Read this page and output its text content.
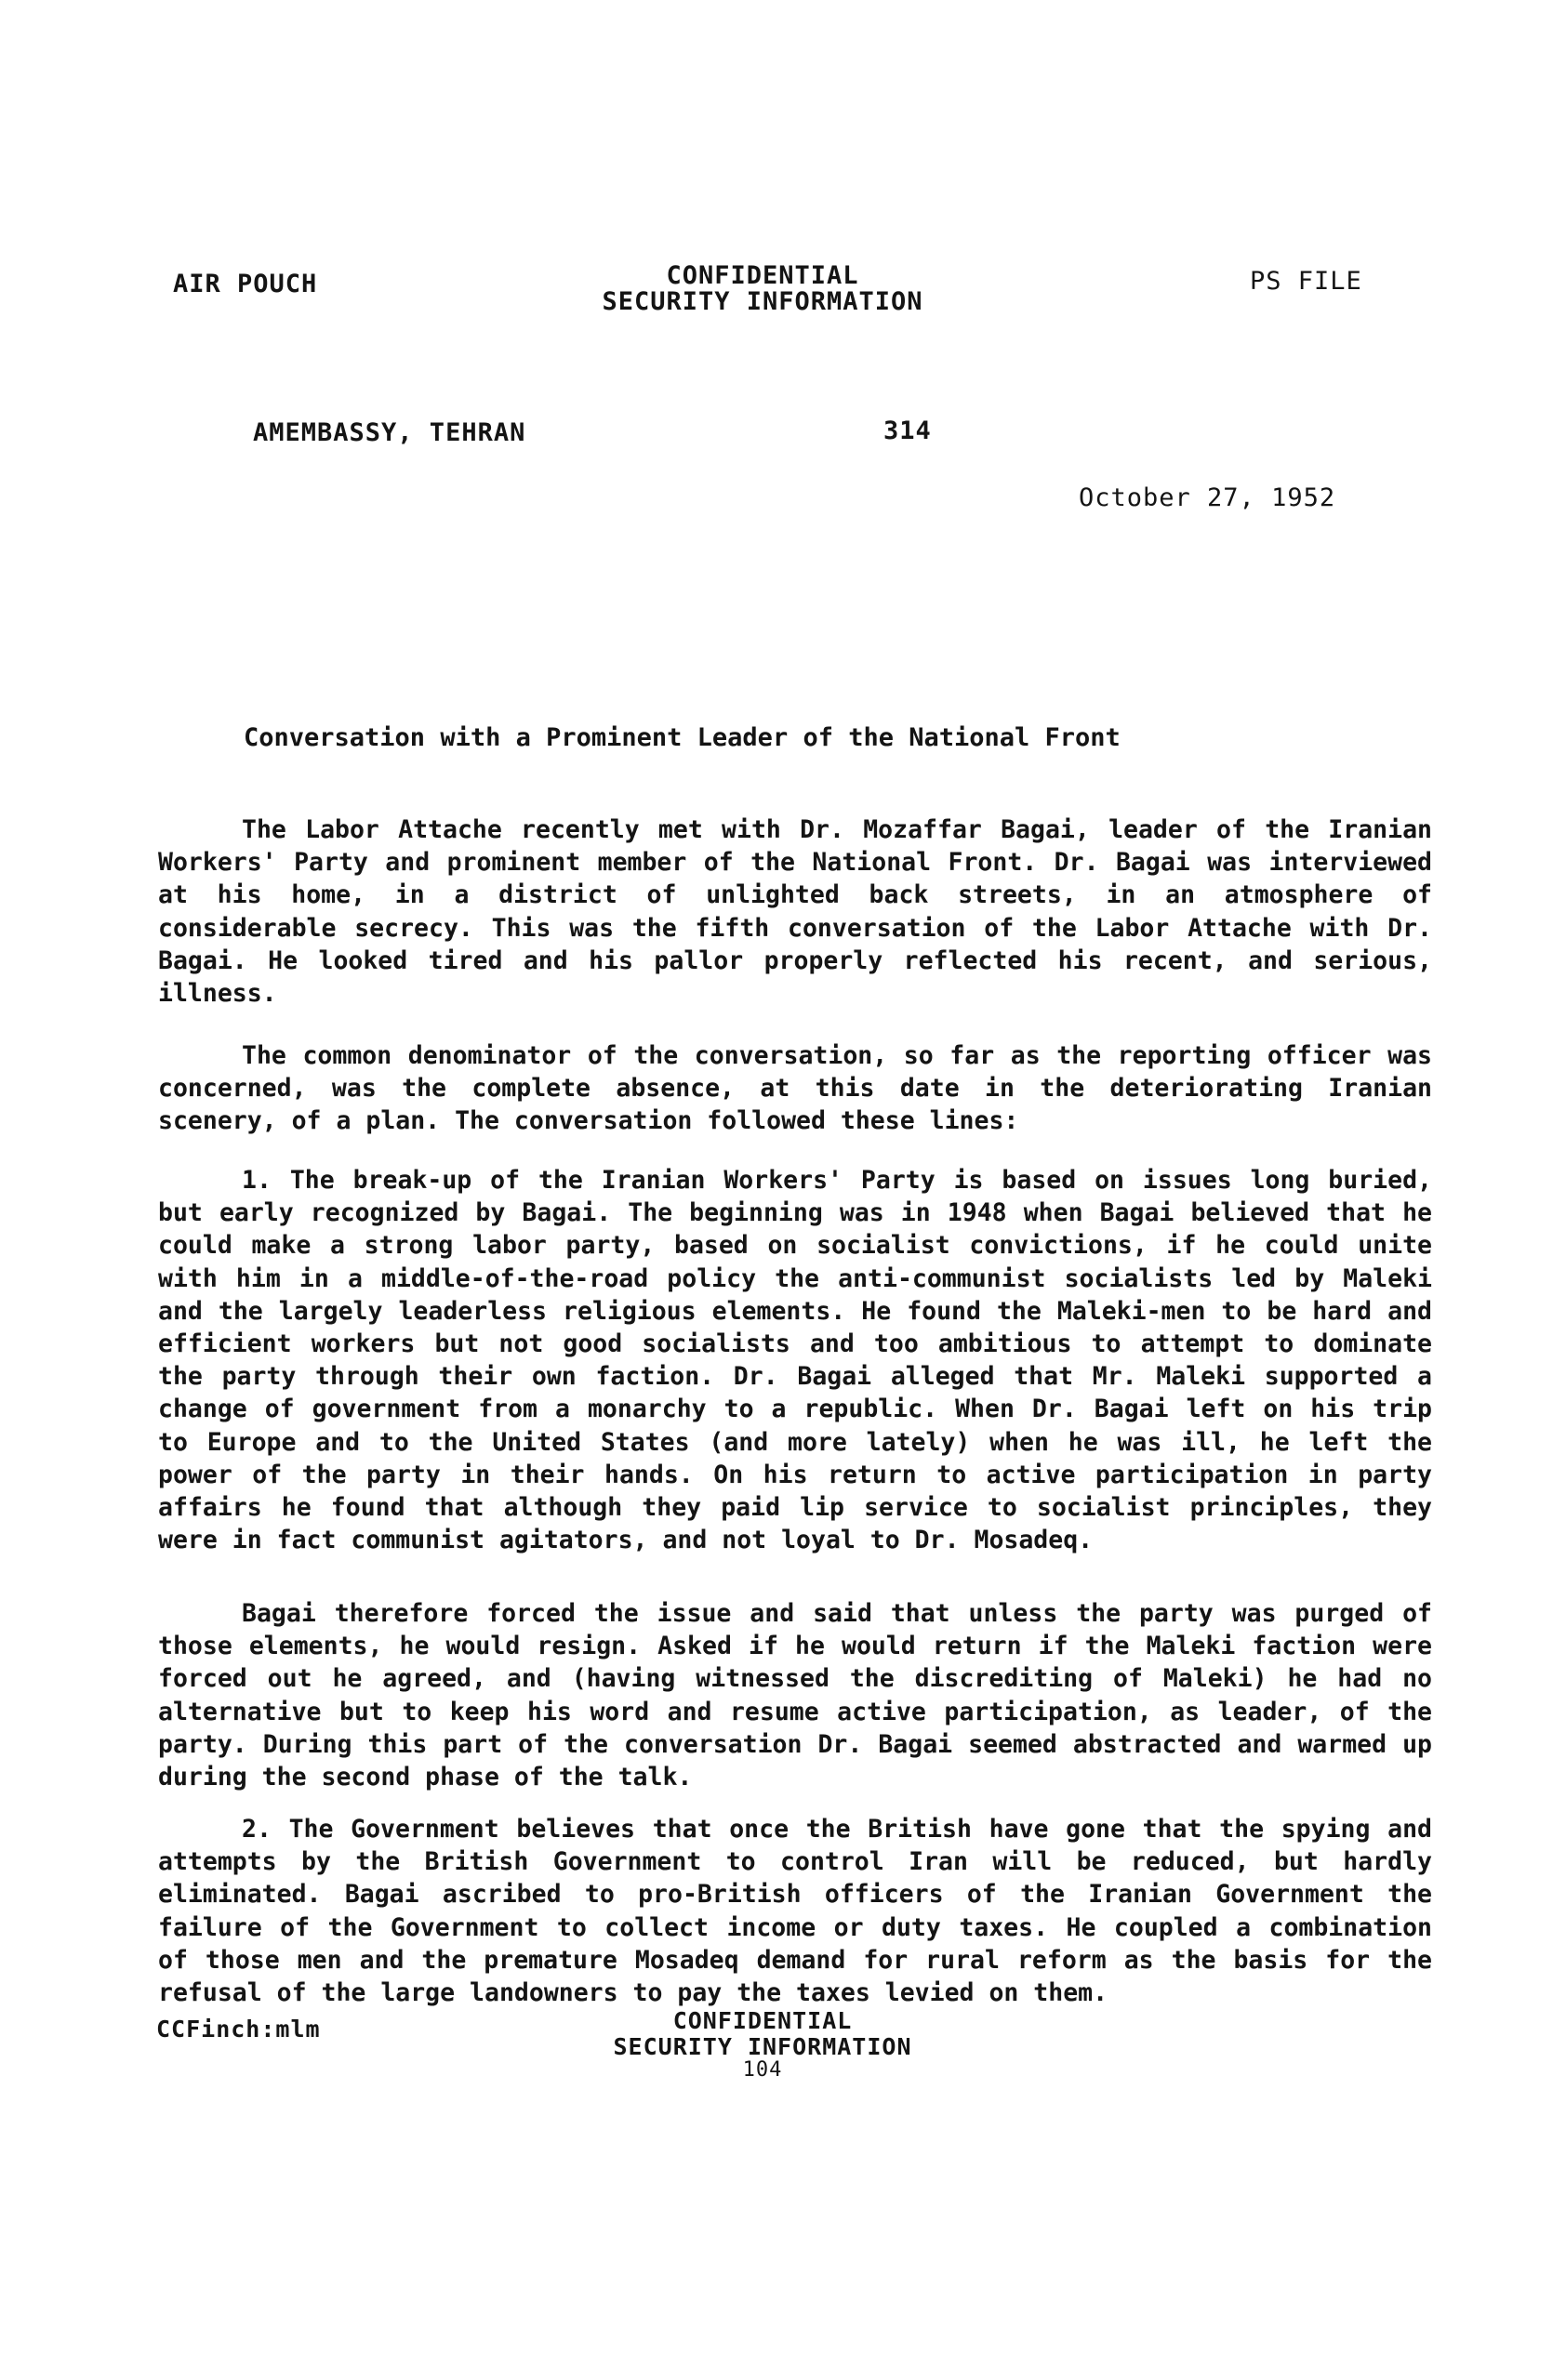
AIR POUCH	CONFIDENTIAL
SECURITY INFORMATION
PS FILE
AMEMBASSY, TEHRAN	314
October 27, 1952
Conversation with a Prominent Leader of the National Front

The Labor Attache recently met with Dr. Mozaffar Bagai, leader of the Iranian Workers' Party and prominent member of the National Front. Dr. Bagai was interviewed at his home, in a district of unlighted back streets, in an atmosphere of considerable secrecy. This was the fifth conversation of the Labor Attache with Dr. Bagai. He looked tired and his pallor properly reflected his recent, and serious, illness.

The common denominator of the conversation, so far as the reporting officer was concerned, was the complete absence, at this date in the deteriorating Iranian scenery, of a plan. The conversation followed these lines:

1. The break-up of the Iranian Workers' Party is based on issues long buried, but early recognized by Bagai. The beginning was in 1948 when Bagai believed that he could make a strong labor party, based on socialist convictions, if he could unite with him in a middle-of-the-road policy the anti-communist socialists led by Maleki and the largely leaderless religious elements. He found the Maleki-men to be hard and efficient workers but not good socialists and too ambitious to attempt to dominate the party through their own faction. Dr. Bagai alleged that Mr. Maleki supported a change of government from a monarchy to a republic. When Dr. Bagai left on his trip to Europe and to the United States (and more lately) when he was ill, he left the power of the party in their hands. On his return to active participation in party affairs he found that although they paid lip service to socialist principles, they were in fact communist agitators, and not loyal to Dr. Mosadeq.

Bagai therefore forced the issue and said that unless the party was purged of those elements, he would resign. Asked if he would return if the Maleki faction were forced out he agreed, and (having witnessed the discrediting of Maleki) he had no alternative but to keep his word and resume active participation, as leader, of the party. During this part of the conversation Dr. Bagai seemed abstracted and warmed up during the second phase of the talk.

2. The Government believes that once the British have gone that the spying and attempts by the British Government to control Iran will be reduced, but hardly eliminated. Bagai ascribed to pro-British officers of the Iranian Government the failure of the Government to collect income or duty taxes. He coupled a combination of those men and the premature Mosadeq demand for rural reform as the basis for the refusal of the large landowners to pay the taxes levied on them.

CCFinch:mlm	CONFIDENTIAL
SECURITY INFORMATION
104
